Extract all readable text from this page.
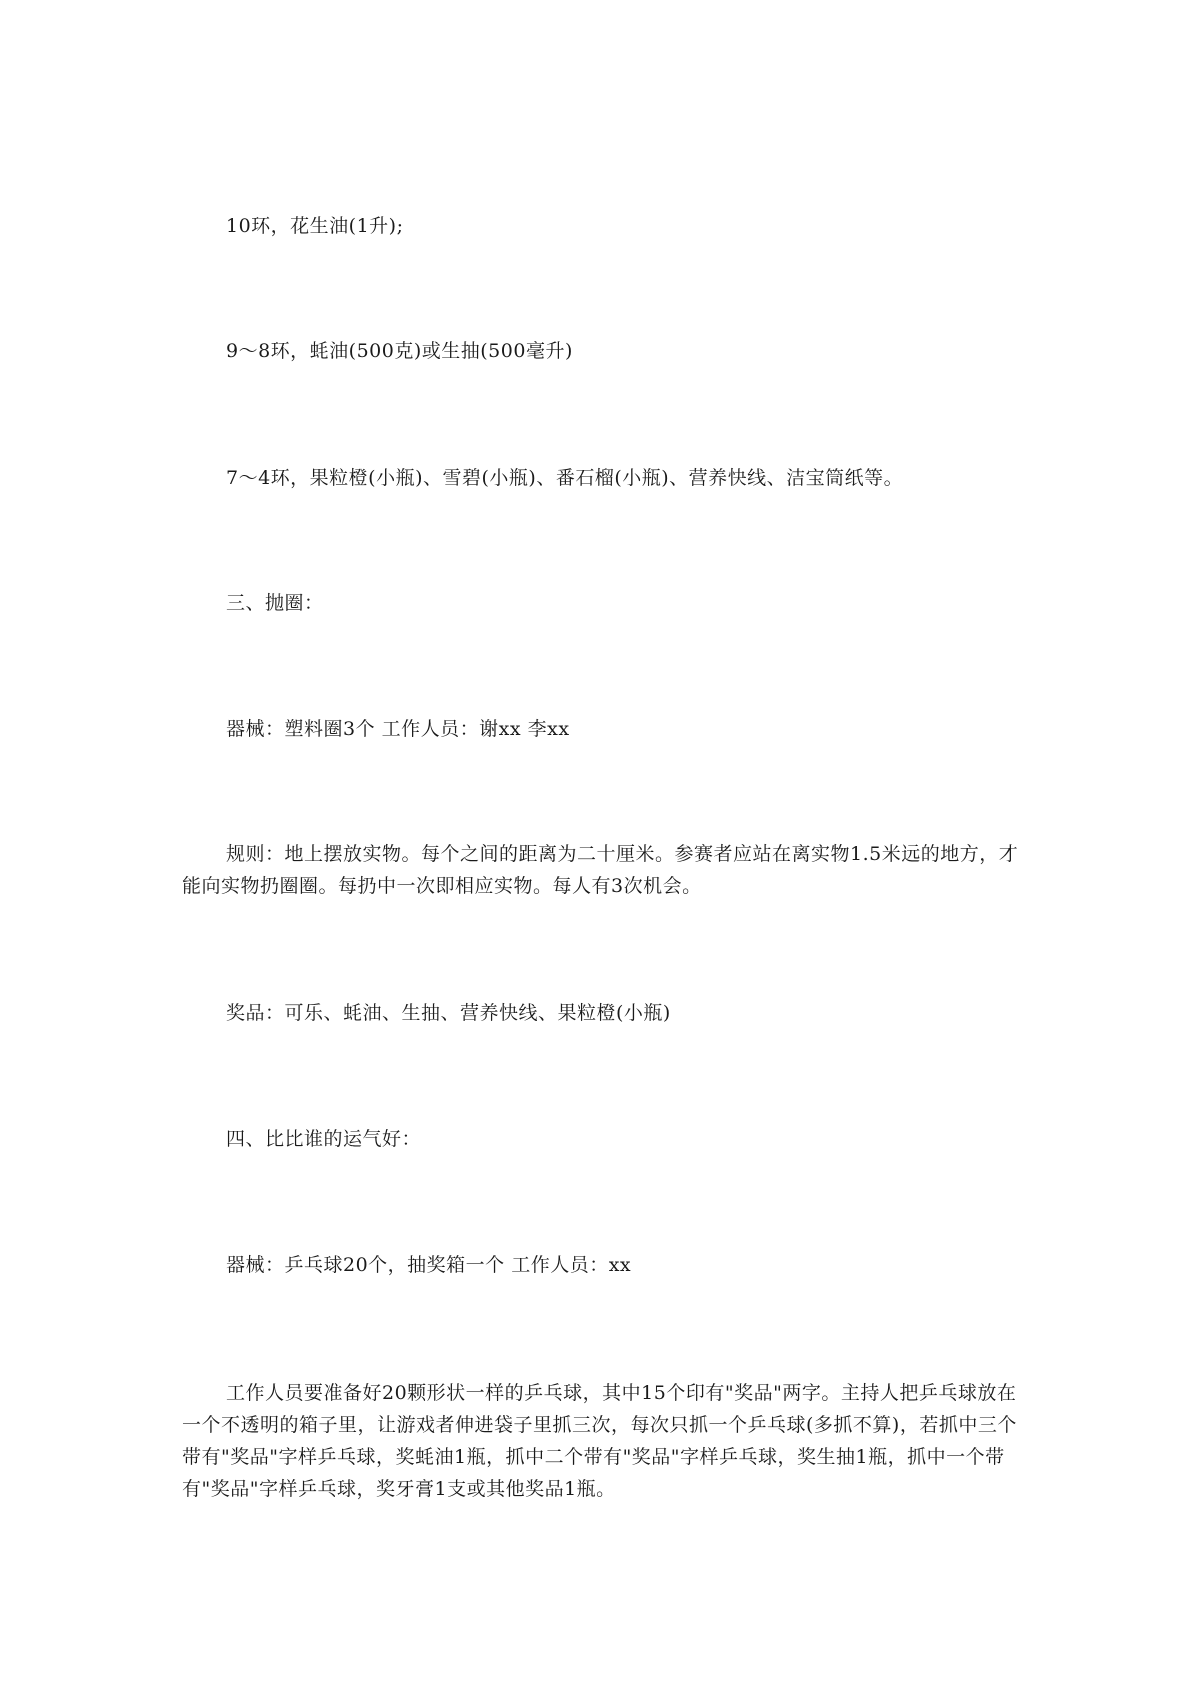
10环，花生油(1升);

9～8环，蚝油(500克)或生抽(500毫升)

7～4环，果粒橙(小瓶)、雪碧(小瓶)、番石榴(小瓶)、营养快线、洁宝筒纸等。

三、抛圈：

器械：塑料圈3个 工作人员：谢xx 李xx

规则：地上摆放实物。每个之间的距离为二十厘米。参赛者应站在离实物1.5米远的地方，才能向实物扔圈圈。每扔中一次即相应实物。每人有3次机会。

奖品：可乐、蚝油、生抽、营养快线、果粒橙(小瓶)

四、比比谁的运气好：

器械：乒乓球20个，抽奖箱一个 工作人员：xx

工作人员要准备好20颗形状一样的乒乓球，其中15个印有"奖品"两字。主持人把乒乓球放在一个不透明的箱子里，让游戏者伸进袋子里抓三次，每次只抓一个乒乓球(多抓不算)，若抓中三个带有"奖品"字样乒乓球，奖蚝油1瓶，抓中二个带有"奖品"字样乒乓球，奖生抽1瓶，抓中一个带有"奖品"字样乒乓球，奖牙膏1支或其他奖品1瓶。
